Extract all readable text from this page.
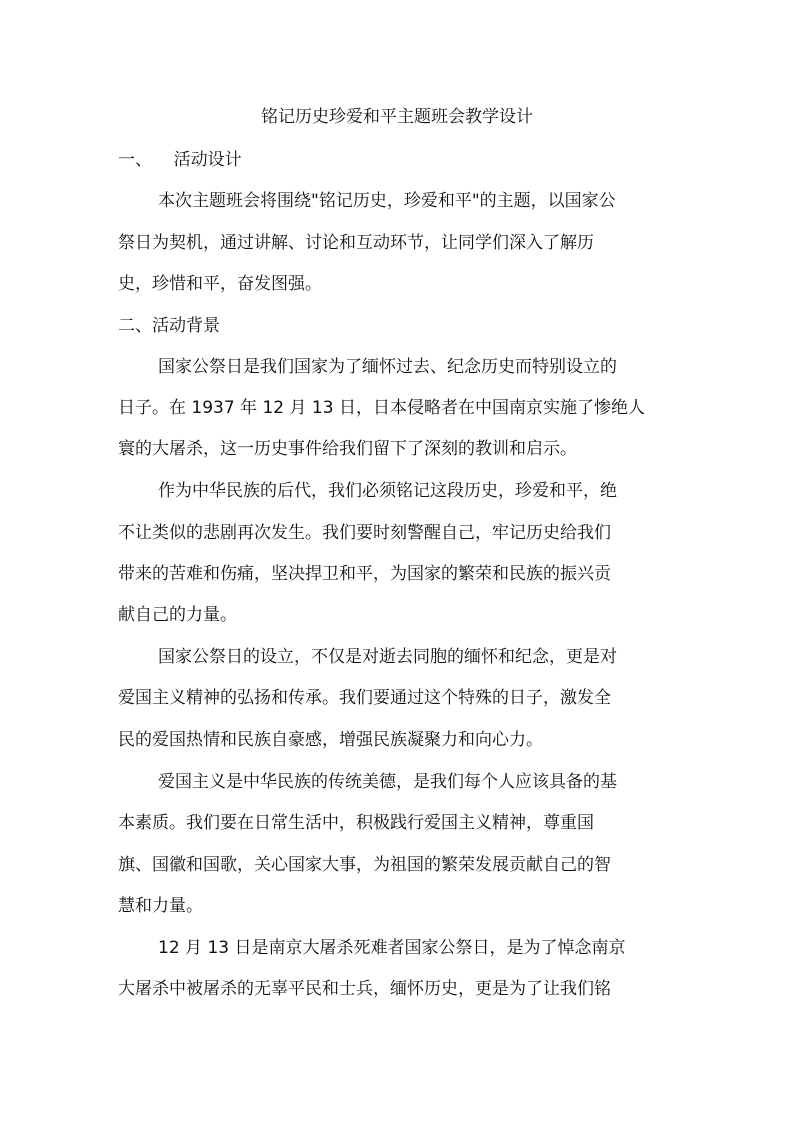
铭记历史珍爱和平主题班会教学设计
一、    活动设计
本次主题班会将围绕"铭记历史，珍爱和平"的主题，以国家公
祭日为契机，通过讲解、讨论和互动环节，让同学们深入了解历
史，珍惜和平，奋发图强。
二、活动背景
国家公祭日是我们国家为了缅怀过去、纪念历史而特别设立的
日子。在 1937 年 12 月 13 日，日本侵略者在中国南京实施了惨绝人
寰的大屠杀，这一历史事件给我们留下了深刻的教训和启示。
作为中华民族的后代，我们必须铭记这段历史，珍爱和平，绝
不让类似的悲剧再次发生。我们要时刻警醒自己，牢记历史给我们
带来的苦难和伤痛，坚决捍卫和平，为国家的繁荣和民族的振兴贡
献自己的力量。
国家公祭日的设立，不仅是对逝去同胞的缅怀和纪念，更是对
爱国主义精神的弘扬和传承。我们要通过这个特殊的日子，激发全
民的爱国热情和民族自豪感，增强民族凝聚力和向心力。
爱国主义是中华民族的传统美德，是我们每个人应该具备的基
本素质。我们要在日常生活中，积极践行爱国主义精神，尊重国
旗、国徽和国歌，关心国家大事，为祖国的繁荣发展贡献自己的智
慧和力量。
12 月 13 日是南京大屠杀死难者国家公祭日，是为了悼念南京
大屠杀中被屠杀的无辜平民和士兵，缅怀历史，更是为了让我们铭
